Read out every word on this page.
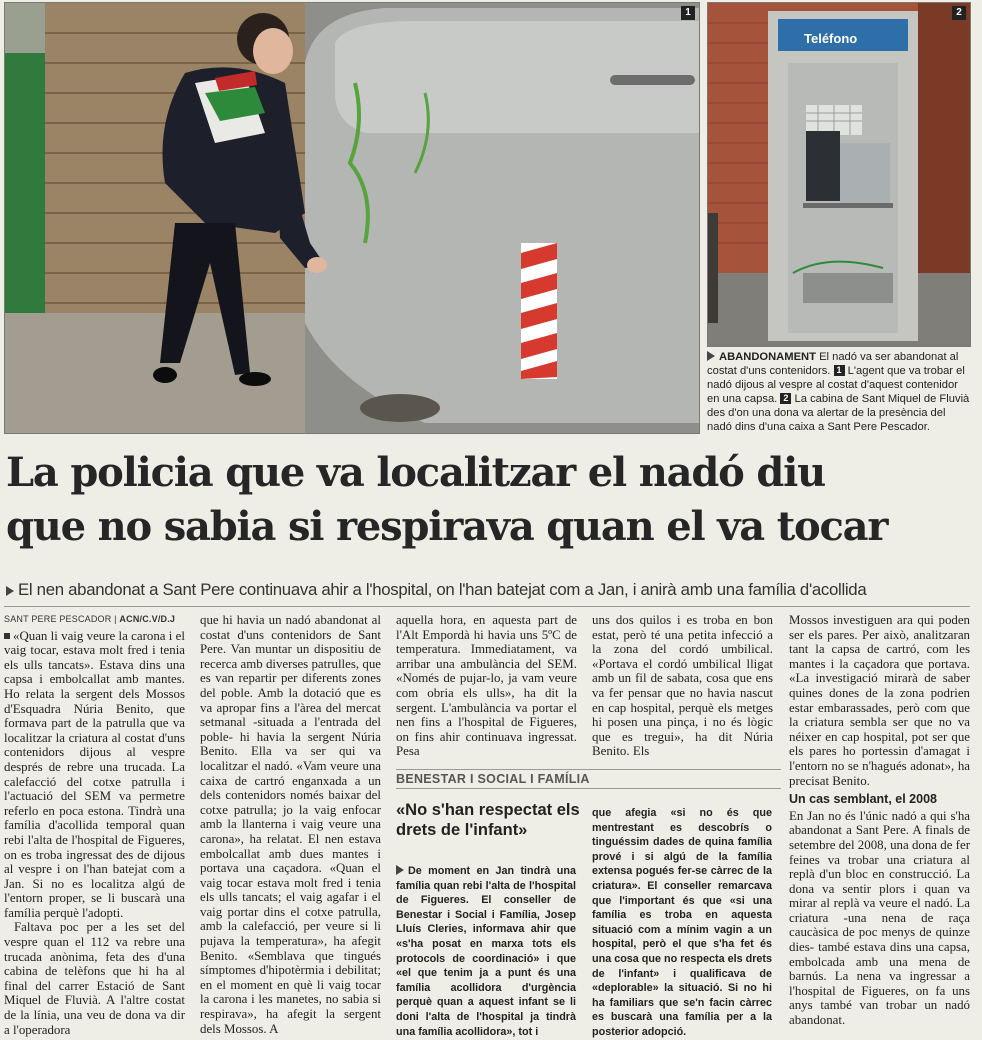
1
Teléfono
2
ABANDONAMENT El nadó va ser abandonat al costat d'uns contenidors. 1 L'agent que va trobar el nadó dijous al vespre al costat d'aquest contenidor en una capsa. 2 La cabina de Sant Miquel de Fluvià des d'on una dona va alertar de la presència del nadó dins d'una caixa a Sant Pere Pescador.
La policia que va localitzar el nadó diu
que no sabia si respirava quan el va tocar
El nen abandonat a Sant Pere continuava ahir a l'hospital, on l'han batejat com a Jan, i anirà amb una família d'acollida
SANT PERE PESCADOR | ACN/C.V/D.J

«Quan li vaig veure la carona i el vaig tocar, estava molt fred i tenia els ulls tancats». Estava dins una capsa i embolcallat amb mantes. Ho relata la sergent dels Mossos d'Esquadra Núria Benito, que formava part de la patrulla que va localitzar la criatura al costat d'uns contenidors dijous al vespre després de rebre una trucada. La calefacció del cotxe patrulla i l'actuació del SEM va permetre referlo en poca estona. Tindrà una família d'acollida temporal quan rebi l'alta de l'hospital de Figueres, on es troba ingressat des de dijous al vespre i on l'han batejat com a Jan. Si no es localitza algú de l'entorn proper, se li buscarà una família perquè l'adopti.

Faltava poc per a les set del vespre quan el 112 va rebre una trucada anònima, feta des d'una cabina de telèfons que hi ha al final del carrer Estació de Sant Miquel de Fluvià. A l'altre costat de la línia, una veu de dona va dir a l'operadora

que hi havia un nadó abandonat al costat d'uns contenidors de Sant Pere. Van muntar un dispositiu de recerca amb diverses patrulles, que es van repartir per diferents zones del poble. Amb la dotació que es va apropar fins a l'àrea del mercat setmanal -situada a l'entrada del poble- hi havia la sergent Núria Benito. Ella va ser qui va localitzar el nadó. «Vam veure una caixa de cartró enganxada a un dels contenidors només baixar del cotxe patrulla; jo la vaig enfocar amb la llanterna i vaig veure una carona», ha relatat. El nen estava embolcallat amb dues mantes i portava una caçadora. «Quan el vaig tocar estava molt fred i tenia els ulls tancats; el vaig agafar i el vaig portar dins el cotxe patrulla, amb la calefacció, per veure si li pujava la temperatura», ha afegit Benito. «Semblava que tingués símptomes d'hipotèrmia i debilitat; en el moment en què li vaig tocar la carona i les manetes, no sabia si respirava», ha afegit la sergent dels Mossos. A

aquella hora, en aquesta part de l'Alt Empordà hi havia uns 5ºC de temperatura. Immediatament, va arribar una ambulància del SEM. «Només de pujar-lo, ja vam veure com obria els ulls», ha dit la sergent. L'ambulància va portar el nen fins a l'hospital de Figueres, on fins ahir continuava ingressat. Pesa

uns dos quilos i es troba en bon estat, però té una petita infecció a la zona del cordó umbilical. «Portava el cordó umbilical lligat amb un fil de sabata, cosa que ens va fer pensar que no havia nascut en cap hospital, perquè els metges hi posen una pinça, i no és lògic que es tregui», ha dit Núria Benito. Els

Mossos investiguen ara qui poden ser els pares. Per això, analitzaran tant la capsa de cartró, com les mantes i la caçadora que portava. «La investigació mirarà de saber quines dones de la zona podrien estar embarassades, però com que la criatura sembla ser que no va néixer en cap hospital, pot ser que els pares ho portessin d'amagat i l'entorn no se n'hagués adonat», ha precisat Benito.

Un cas semblant, el 2008

En Jan no és l'únic nadó a qui s'ha abandonat a Sant Pere. A finals de setembre del 2008, una dona de fer feines va trobar una criatura al replà d'un bloc en construcció. La dona va sentir plors i quan va mirar al replà va veure el nadó. La criatura -una nena de raça caucàsica de poc menys de quinze dies- també estava dins una capsa, embolcada amb una mena de barnús. La nena va ingressar a l'hospital de Figueres, on fa uns anys també van trobar un nadó abandonat.

BENESTAR I SOCIAL I FAMÍLIA
«No s'han respectat els drets de l'infant»

De moment en Jan tindrà una família quan rebi l'alta de l'hospital de Figueres. El conseller de Benestar i Social i Família, Josep Lluís Cleries, informava ahir que «s'ha posat en marxa tots els protocols de coordinació» i que «el que tenim ja a punt és una família acollidora d'urgència perquè quan a aquest infant se li doni l'alta de l'hospital ja tindrà una família acollidora», tot i

que afegia «si no és que mentrestant es descobrís o tinguéssim dades de quina família prové i si algú de la família extensa pogués fer-se càrrec de la criatura». El conseller remarcava que l'important és que «si una família es troba en aquesta situació com a mínim vagin a un hospital, però el que s'ha fet és una cosa que no respecta els drets de l'infant» i qualificava de «deplorable» la situació. Si no hi ha familiars que se'n facin càrrec es buscarà una família per a la posterior adopció.
